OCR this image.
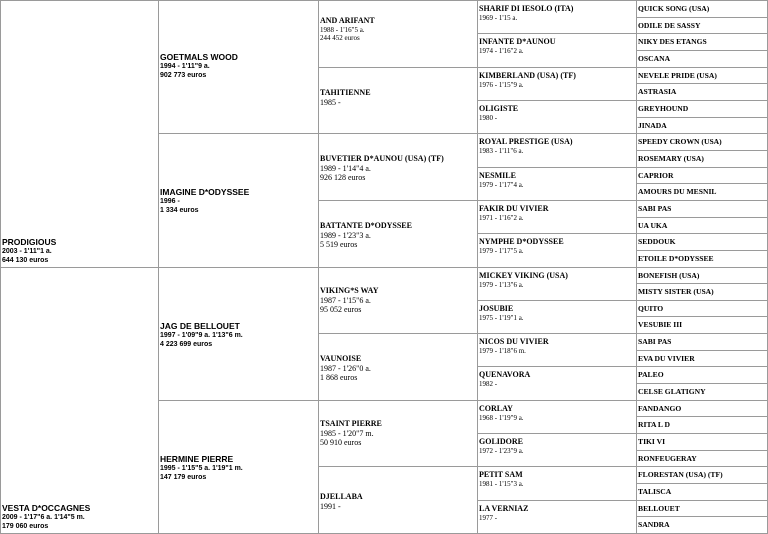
PRODIGIOUS
2003 - 1'11"1 a.
644 130 euros
VESTA D*OCCAGNES
2009 - 1'17"6 a. 1'14"5 m.
179 060 euros
GOETMALS WOOD
1994 - 1'11"9 a.
902 773 euros
IMAGINE D*ODYSSEE
1996 -
1 334 euros
JAG DE BELLOUET
1997 - 1'09"9 a. 1'13"6 m.
4 223 699 euros
HERMINE PIERRE
1995 - 1'15"5 a. 1'19"1 m.
147 179 euros
AND ARIFANT
1988 - 1'16"5 a.
244 452 euros
TAHITIENNE
1985 -
BUVETIER D*AUNOU (USA) (TF)
1989 - 1'14"4 a.
926 128 euros
BATTANTE D*ODYSSEE
1989 - 1'23"3 a.
5 519 euros
VIKING*S WAY
1987 - 1'15"6 a.
95 052 euros
VAUNOISE
1987 - 1'26"0 a.
1 868 euros
TSAINT PIERRE
1985 - 1'20"7 m.
50 910 euros
DJELLABA
1991 -
SHARIF DI IESOLO (ITA)
1969 - 1'15 a.
INFANTE D*AUNOU
1974 - 1'16"2 a.
KIMBERLAND (USA) (TF)
1976 - 1'15"9 a.
OLIGISTE
1980 -
ROYAL PRESTIGE (USA)
1983 - 1'11"6 a.
NESMILE
1979 - 1'17"4 a.
FAKIR DU VIVIER
1971 - 1'16"2 a.
NYMPHE D*ODYSSEE
1979 - 1'17"5 a.
MICKEY VIKING (USA)
1979 - 1'13"6 a.
JOSUBIE
1975 - 1'19"1 a.
NICOS DU VIVIER
1979 - 1'18"6 m.
QUENAVORA
1982 -
CORLAY
1968 - 1'19"9 a.
GOLIDORE
1972 - 1'23"9 a.
PETIT SAM
1981 - 1'15"3 a.
LA VERNIAZ
1977 -
QUICK SONG (USA)
ODILE DE SASSY
NIKY DES ETANGS
OSCANA
NEVELE PRIDE (USA)
ASTRASIA
GREYHOUND
JINADA
SPEEDY CROWN (USA)
ROSEMARY (USA)
CAPRIOR
AMOURS DU MESNIL
SABI PAS
UA UKA
SEDDOUK
ETOILE D*ODYSSEE
BONEFISH (USA)
MISTY SISTER (USA)
QUITO
VESUBIE III
SABI PAS
EVA DU VIVIER
PALEO
CELSE GLATIGNY
FANDANGO
RITA L D
TIKI VI
RONFEUGERAY
FLORESTAN (USA) (TF)
TALISCA
BELLOUET
SANDRA
